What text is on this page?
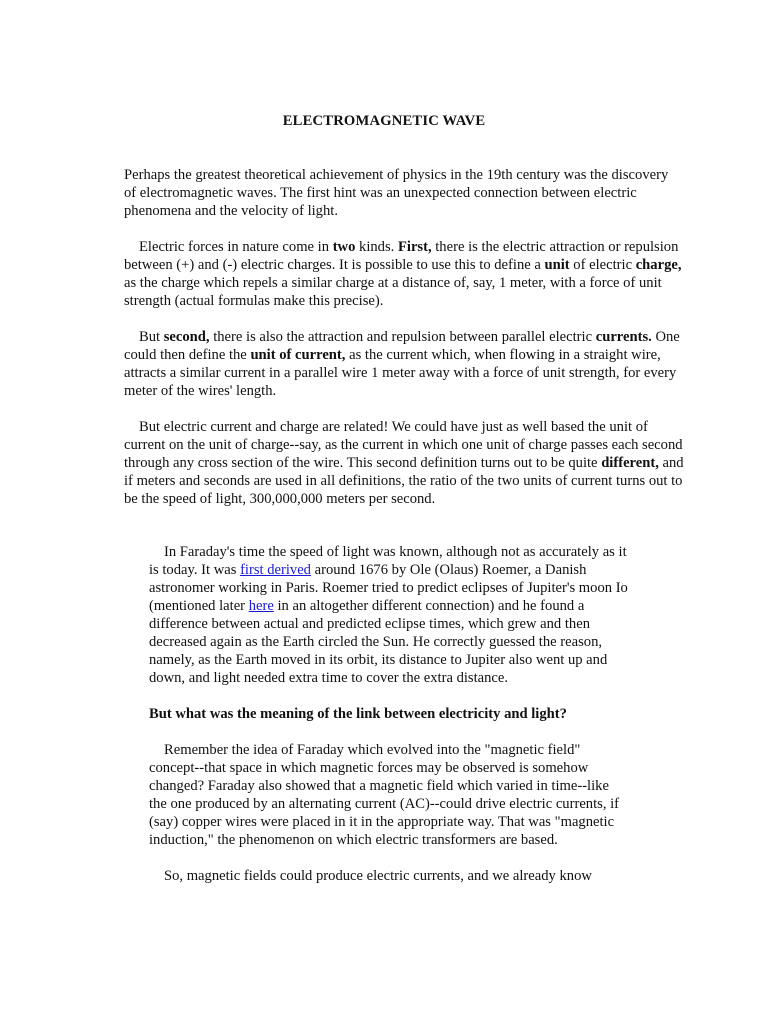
ELECTROMAGNETIC WAVE

Perhaps the greatest theoretical achievement of physics in the 19th century was the discovery of electromagnetic waves. The first hint was an unexpected connection between electric phenomena and the velocity of light.

Electric forces in nature come in two kinds. First, there is the electric attraction or repulsion between (+) and (-) electric charges. It is possible to use this to define a unit of electric charge, as the charge which repels a similar charge at a distance of, say, 1 meter, with a force of unit strength (actual formulas make this precise).

But second, there is also the attraction and repulsion between parallel electric currents. One could then define the unit of current, as the current which, when flowing in a straight wire, attracts a similar current in a parallel wire 1 meter away with a force of unit strength, for every meter of the wires' length.

But electric current and charge are related! We could have just as well based the unit of current on the unit of charge--say, as the current in which one unit of charge passes each second through any cross section of the wire. This second definition turns out to be quite different, and if meters and seconds are used in all definitions, the ratio of the two units of current turns out to be the speed of light, 300,000,000 meters per second.

In Faraday's time the speed of light was known, although not as accurately as it is today. It was first derived around 1676 by Ole (Olaus) Roemer, a Danish astronomer working in Paris. Roemer tried to predict eclipses of Jupiter's moon Io (mentioned later here in an altogether different connection) and he found a difference between actual and predicted eclipse times, which grew and then decreased again as the Earth circled the Sun. He correctly guessed the reason, namely, as the Earth moved in its orbit, its distance to Jupiter also went up and down, and light needed extra time to cover the extra distance.

But what was the meaning of the link between electricity and light?

Remember the idea of Faraday which evolved into the "magnetic field" concept--that space in which magnetic forces may be observed is somehow changed? Faraday also showed that a magnetic field which varied in time--like the one produced by an alternating current (AC)--could drive electric currents, if (say) copper wires were placed in it in the appropriate way. That was "magnetic induction," the phenomenon on which electric transformers are based.

So, magnetic fields could produce electric currents, and we already know
